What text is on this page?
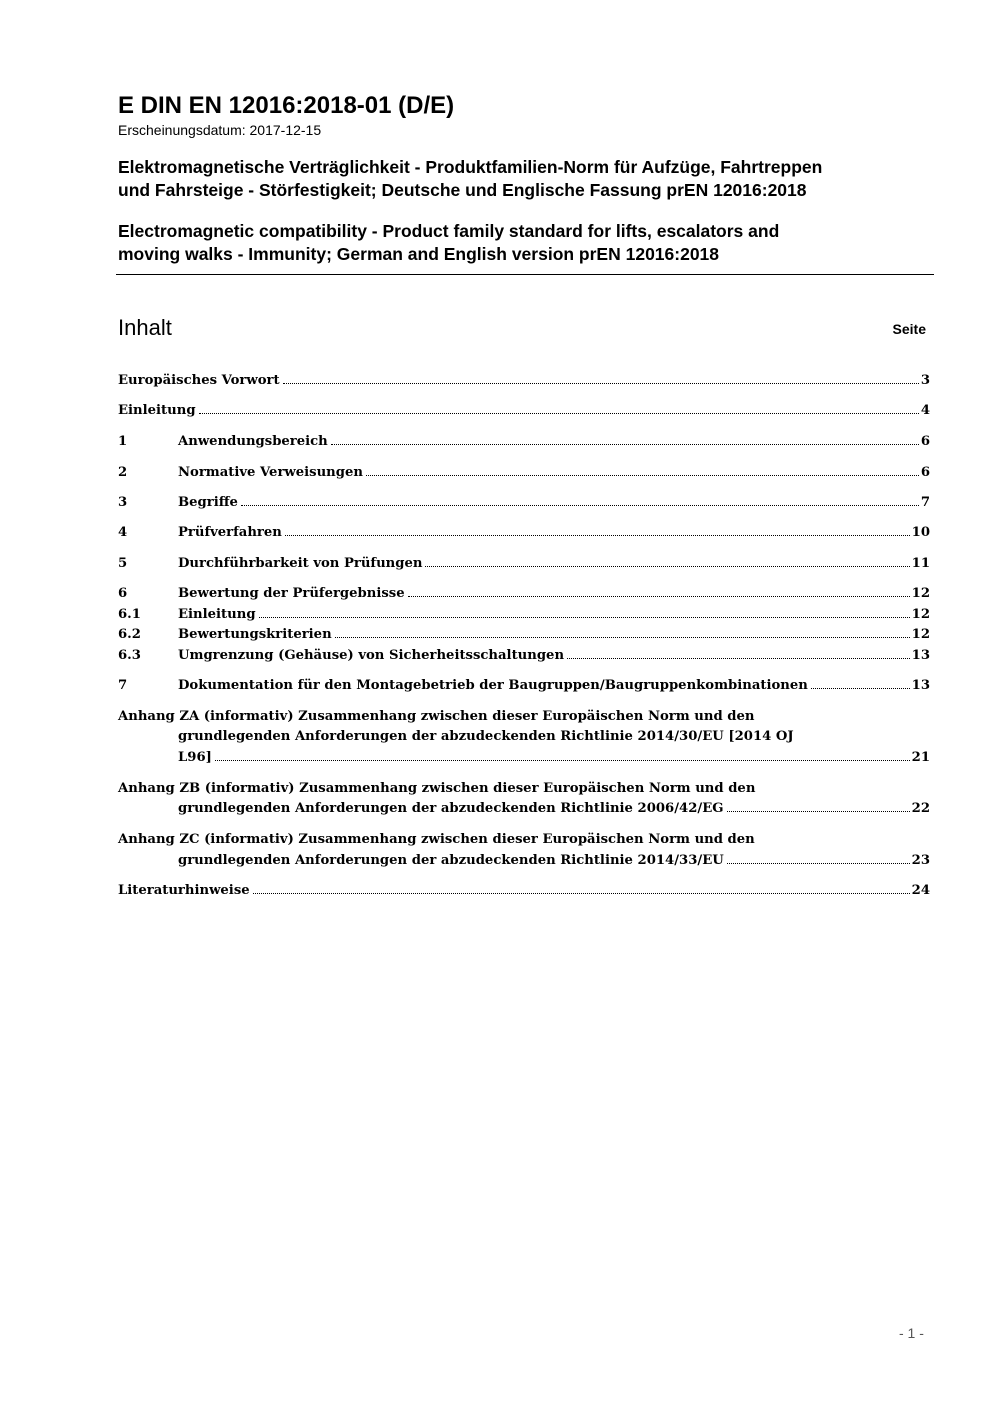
E DIN EN 12016:2018-01 (D/E)

Erscheinungsdatum: 2017-12-15

Elektromagnetische Verträglichkeit - Produktfamilien-Norm für Aufzüge, Fahrtreppen
und Fahrsteige - Störfestigkeit; Deutsche und Englische Fassung prEN 12016:2018

Electromagnetic compatibility - Product family standard for lifts, escalators and
moving walks - Immunity; German and English version prEN 12016:2018

Inhalt	Seite
Europäisches Vorwort	3
Einleitung	4
1	Anwendungsbereich	6
2	Normative Verweisungen	6
3	Begriffe	7
4	Prüfverfahren	10
5	Durchführbarkeit von Prüfungen	11
6	Bewertung der Prüfergebnisse	12
6.1	Einleitung	12
6.2	Bewertungskriterien	12
6.3	Umgrenzung (Gehäuse) von Sicherheitsschaltungen	13
7	Dokumentation für den Montagebetrieb der Baugruppen/Baugruppenkombinationen	13
Anhang ZA (informativ) Zusammenhang zwischen dieser Europäischen Norm und den
grundlegenden Anforderungen der abzudeckenden Richtlinie 2014/30/EU [2014 OJ
L96]	21
Anhang ZB (informativ) Zusammenhang zwischen dieser Europäischen Norm und den
grundlegenden Anforderungen der abzudeckenden Richtlinie 2006/42/EG	22
Anhang ZC (informativ) Zusammenhang zwischen dieser Europäischen Norm und den
grundlegenden Anforderungen der abzudeckenden Richtlinie 2014/33/EU	23
Literaturhinweise	24
- 1 -
